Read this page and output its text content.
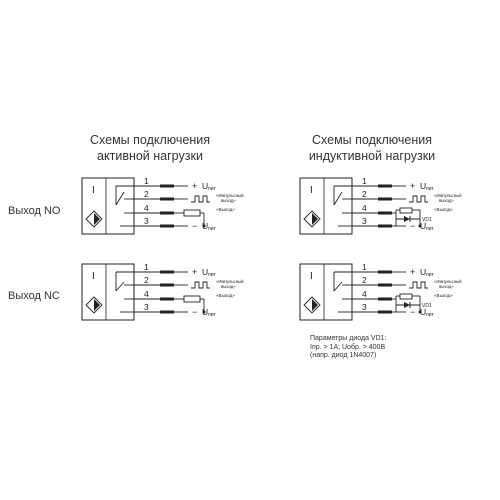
Схемы подключения
активной нагрузки
Схемы подключения
индуктивной нагрузки
Выход NO
Выход NC
Параметры диода VD1:
Iпр. > 1А; Uобр. > 400В
(напр. диод 1N4007)
I
1
2
4
3
+ U пит
«Импульсный
выход»
«Выход»
− U пит
I
1
2
4
3
+ U пит
«Импульсный
выход»
VD1
«Выход»
− U пит
I
1
2
4
3
+ U пит
«Импульсный
выход»
«Выход»
− U пит
I
1
2
4
3
+ U пит
«Импульсный
выход»
VD1
«Выход»
− U пит
